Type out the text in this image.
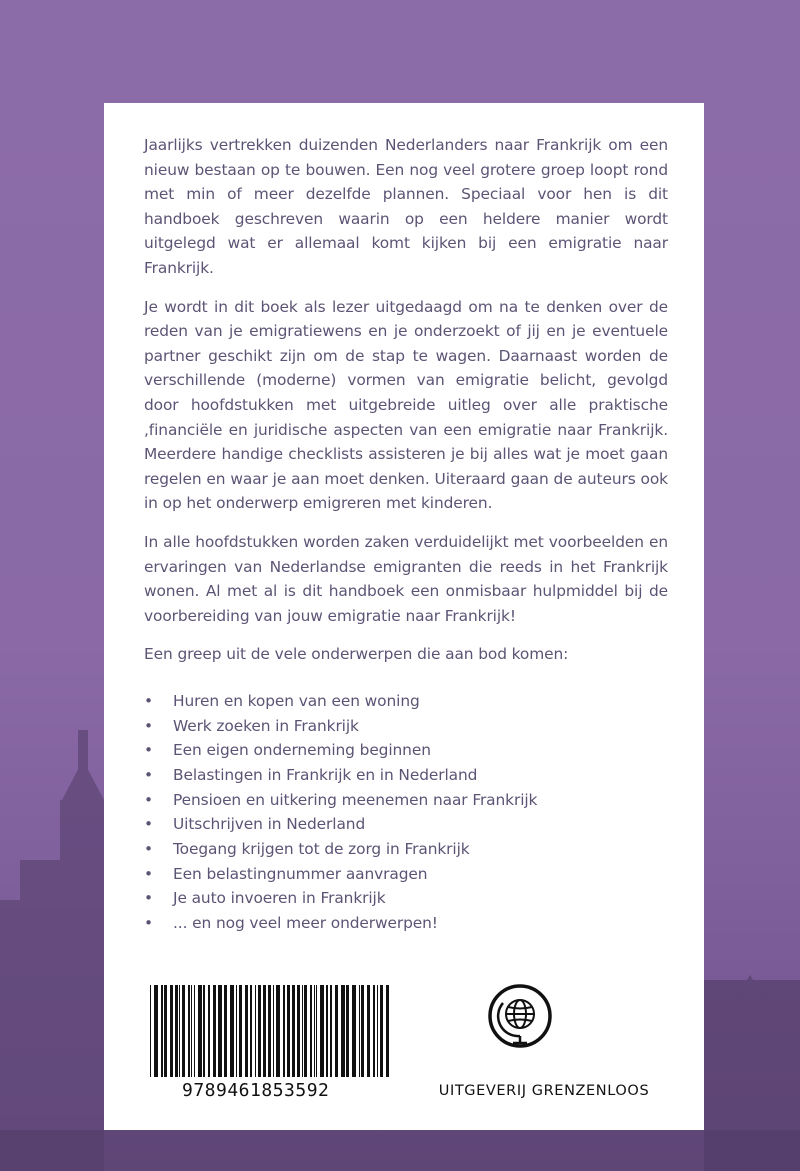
Jaarlijks vertrekken duizenden Nederlanders naar Frankrijk om een nieuw bestaan op te bouwen. Een nog veel grotere groep loopt rond met min of meer dezelfde plannen. Speciaal voor hen is dit handboek geschreven waarin op een heldere manier wordt uitgelegd wat er allemaal komt kijken bij een emigratie naar Frankrijk.

Je wordt in dit boek als lezer uitgedaagd om na te denken over de reden van je emigratiewens en je onderzoekt of jij en je eventuele partner geschikt zijn om de stap te wagen. Daarnaast worden de verschillende (moderne) vormen van emigratie belicht, gevolgd door hoofdstukken met uitgebreide uitleg over alle praktische ,financiële en juridische aspecten van een emigratie naar Frankrijk. Meerdere handige checklists assisteren je bij alles wat je moet gaan regelen en waar je aan moet denken. Uiteraard gaan de auteurs ook in op het onderwerp emigreren met kinderen.

In alle hoofdstukken worden zaken verduidelijkt met voorbeelden en ervaringen van Nederlandse emigranten die reeds in het Frankrijk wonen. Al met al is dit handboek een onmisbaar hulpmiddel bij de voorbereiding van jouw emigratie naar Frankrijk!

Een greep uit de vele onderwerpen die aan bod komen:

• Huren en kopen van een woning
• Werk zoeken in Frankrijk
• Een eigen onderneming beginnen
• Belastingen in Frankrijk en in Nederland
• Pensioen en uitkering meenemen naar Frankrijk
• Uitschrijven in Nederland
• Toegang krijgen tot de zorg in Frankrijk
• Een belastingnummer aanvragen
• Je auto invoeren in Frankrijk
• ... en nog veel meer onderwerpen!
9789461853592	UITGEVERIJ GRENZENLOOS
